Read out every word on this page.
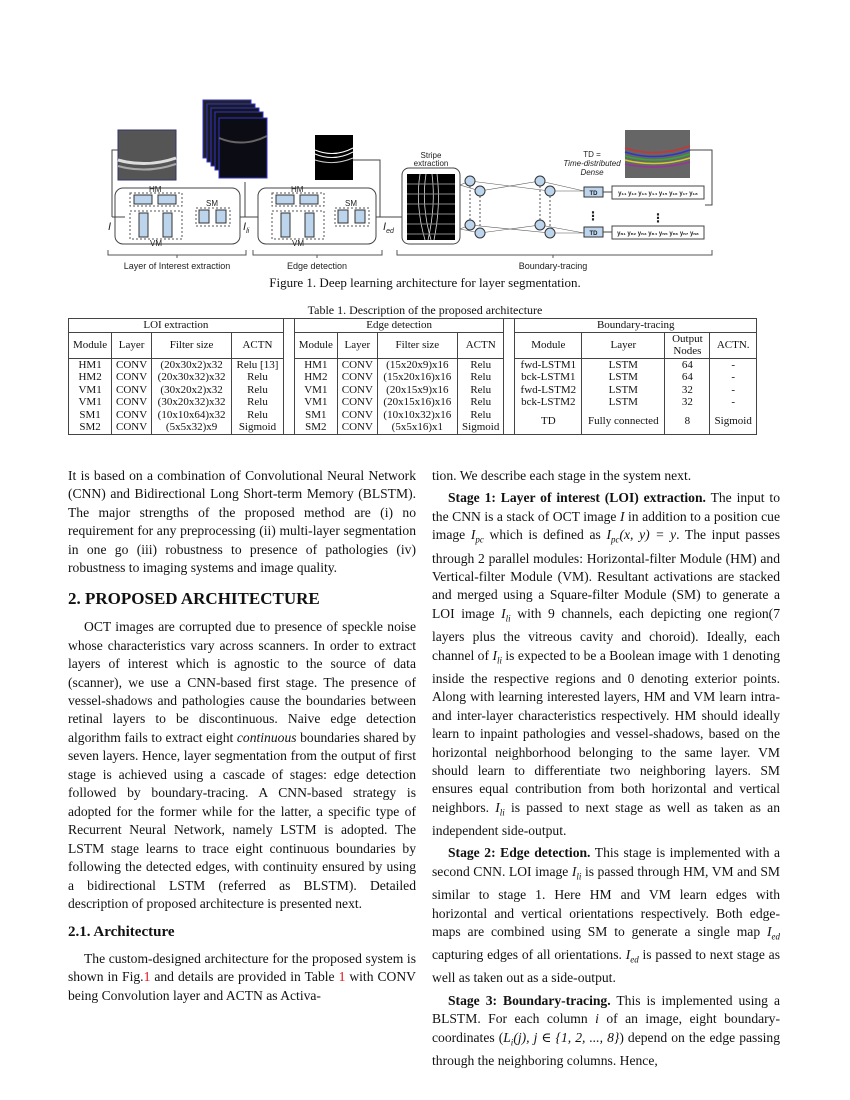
HM
SM
VM
HM
SM
VM
I	$I_{li}$	$I_{ed}$
Stripe
extraction
TD =
Time-distributed
Dense
TD
TD
⋮	⋮
y₁₁ y₁₂ y₁₃ y₁₄ y₁₅ y₁₆ y₁₇ y₁₈
yₙ₁ yₙ₂ yₙ₃ yₙ₄ yₙ₅ yₙ₆ yₙ₇ yₙ₈
Layer of Interest extraction	Edge detection	Boundary-tracing
Figure 1. Deep learning architecture for layer segmentation.
Table 1. Description of the proposed architecture
LOI extraction					Edge detection					Boundary-tracing			
Module	Layer	Filter size	ACTN		Module	Layer	Filter size	ACTN		Module	Layer	Output Nodes	ACTN.
HM1	CONV	(20x30x2)x32	Relu [13]		HM1	CONV	(15x20x9)x16	Relu		fwd-LSTM1	LSTM	64	-
HM2	CONV	(20x30x32)x32	Relu		HM2	CONV	(15x20x16)x16	Relu		bck-LSTM1	LSTM	64	-
VM1	CONV	(30x20x2)x32	Relu		VM1	CONV	(20x15x9)x16	Relu		fwd-LSTM2	LSTM	32	-
VM1	CONV	(30x20x32)x32	Relu		VM1	CONV	(20x15x16)x16	Relu		bck-LSTM2	LSTM	32	-
SM1	CONV	(10x10x64)x32	Relu		SM1	CONV	(10x10x32)x16	Relu		TD	Fully connected	8	Sigmoid
SM2	CONV	(5x5x32)x9	Sigmoid		SM2	CONV	(5x5x16)x1	Sigmoid					

It is based on a combination of Convolutional Neural Network (CNN) and Bidirectional Long Short-term Memory (BLSTM). The major strengths of the proposed method are (i) no requirement for any preprocessing (ii) multi-layer segmentation in one go (iii) robustness to presence of pathologies (iv) robustness to imaging systems and image quality.

2. PROPOSED ARCHITECTURE

OCT images are corrupted due to presence of speckle noise whose characteristics vary across scanners. In order to extract layers of interest which is agnostic to the source of data (scanner), we use a CNN-based first stage. The presence of vessel-shadows and pathologies cause the boundaries between retinal layers to be discontinuous. Naive edge detection algorithm fails to extract eight continuous boundaries shared by seven layers. Hence, layer segmentation from the output of first stage is achieved using a cascade of stages: edge detection followed by boundary-tracing. A CNN-based strategy is adopted for the former while for the latter, a specific type of Recurrent Neural Network, namely LSTM is adopted. The LSTM stage learns to trace eight continuous boundaries by following the detected edges, with continuity ensured by using a bidirectional LSTM (referred as BLSTM). Detailed description of proposed architecture is presented next.

2.1. Architecture

The custom-designed architecture for the proposed system is shown in Fig.1 and details are provided in Table 1 with CONV being Convolution layer and ACTN as Activa-

tion. We describe each stage in the system next.

Stage 1: Layer of interest (LOI) extraction. The input to the CNN is a stack of OCT image I in addition to a position cue image $I_{pc}$ which is defined as $I_{pc}(x$, y) = y. The input passes through 2 parallel modules: Horizontal-filter Module (HM) and Vertical-filter Module (VM). Resultant activations are stacked and merged using a Square-filter Module (SM) to generate a LOI image $I_{li}$ with 9 channels, each depicting one region(7 layers plus the vitreous cavity and choroid). Ideally, each channel of $I_{li}$ is expected to be a Boolean image with 1 denoting inside the respective regions and 0 denoting exterior points. Along with learning interested layers, HM and VM learn intra- and inter-layer characteristics respectively. HM should ideally learn to inpaint pathologies and vessel-shadows, based on the horizontal neighborhood belonging to the same layer. VM should learn to differentiate two neighboring layers. SM ensures equal contribution from both horizontal and vertical neighbors. $I_{li}$ is passed to next stage as well as taken as an independent side-output.

Stage 2: Edge detection. This stage is implemented with a second CNN. LOI image $I_{li}$ is passed through HM, VM and SM similar to stage 1. Here HM and VM learn edges with horizontal and vertical orientations respectively. Both edge-maps are combined using SM to generate a single map $I_{ed}$ capturing edges of all orientations. $I_{ed}$ is passed to next stage as well as taken out as a side-output.

Stage 3: Boundary-tracing. This is implemented using a BLSTM. For each column i of an image, eight boundary-coordinates ($L_i(j)$, j ∈ {1, 2, ..., 8}) depend on the edge passing through the neighboring columns. Hence,
